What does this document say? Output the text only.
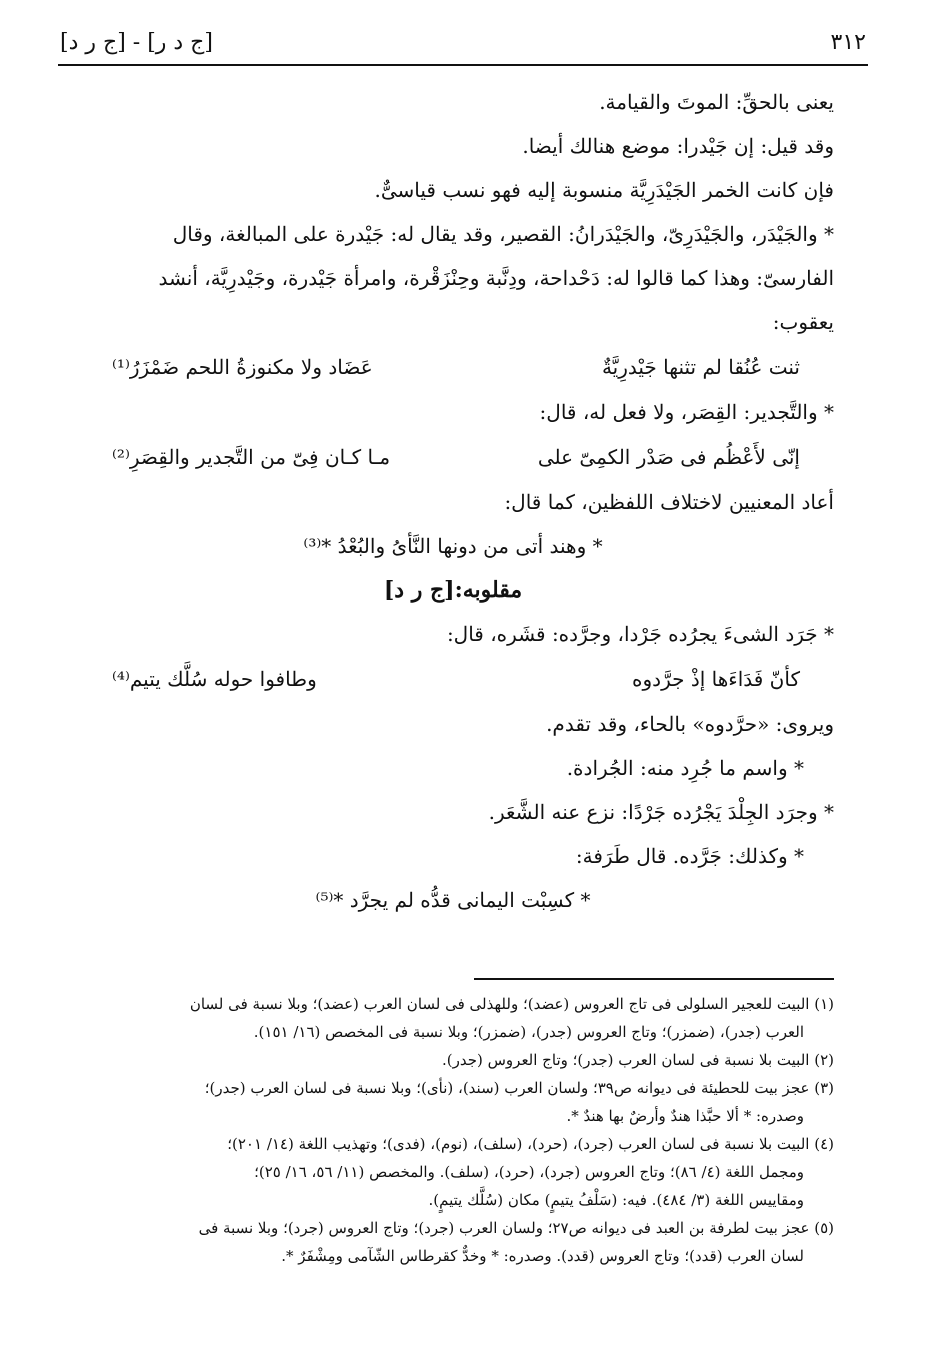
٣١٢
[ج د ر] - [ج ر د]
يعنى بالحقِّ: الموتَ والقيامة.
وقد قيل: إن جَيْدرا: موضع هنالك أيضا.
فإن كانت الخمر الجَيْدَرِيَّة منسوبة إليه فهو نسب قياسىٌّ.
* والجَيْدَر، والجَيْدَرِىّ، والجَيْدَرانُ: القصير، وقد يقال له: جَيْدرة على المبالغة، وقال
الفارسىّ: وهذا كما قالوا له: دَحْداحة، ودِنَّبة وحِنْزَقْرة، وامرأة جَيْدرة، وجَيْدرِيَّة، أنشد
يعقوب:
ثنت عُنُقا لم تثنها جَيْدرِيَّةٌ
عَضَاد ولا مكنوزةُ اللحم ضَمْزَرُ⁽¹⁾
* والتَّجدير: القِصَر، ولا فعل له، قال:
إنّى لأَعْظُم فى صَدْر الكمِىّ على
مـا كـان فِىّ من التَّجدير والقِصَرِ⁽²⁾
أعاد المعنيين لاختلاف اللفظين، كما قال:
* وهند أتى من دونها النَّأىُ والبُعْدُ *⁽³⁾
مقلوبه:[ج ر د]
* جَرَد الشىءَ يجرُده جَرْدا، وجرَّده: قشَره، قال:
كأنّ فَدَاءَها إذْ جرَّدوه
وطافوا حوله سُلَّك يتيم⁽⁴⁾
ويروى: «حرَّدوه» بالحاء، وقد تقدم.
* واسم ما جُرِد منه: الجُرادة.
* وجرَد الجِلْدَ يَجْرُده جَرْدًا: نزع عنه الشَّعَر.
* وكذلك: جَرَّده. قال طَرَفة:
* كسِبْت اليمانى قدُّه لم يجرَّد *⁽⁵⁾
(١) البيت للعجير السلولى فى تاج العروس (عضد)؛ وللهذلى فى لسان العرب (عضد)؛ وبلا نسبة فى لسان
العرب (جدر)، (ضمزر)؛ وتاج العروس (جدر)، (ضمزر)؛ وبلا نسبة فى المخصص (١٦/ ١٥١).
(٢) البيت بلا نسبة فى لسان العرب (جدر)؛ وتاج العروس (جدر).
(٣) عجز بيت للحطيئة فى ديوانه ص٣٩؛ ولسان العرب (سند)، (نأى)؛ وبلا نسبة فى لسان العرب (جدر)؛
وصدره: * ألا حبَّذا هندٌ وأرضٌ بها هندٌ *.
(٤) البيت بلا نسبة فى لسان العرب (جرد)، (حرد)، (سلف)، (نوم)، (فدى)؛ وتهذيب اللغة (١٤/ ٢٠١)؛
ومجمل اللغة (٤/ ٨٦)؛ وتاج العروس (جرد)، (حرد)، (سلف). والمخصص (١١/ ٥٦، ١٦/ ٢٥)؛
ومقاييس اللغة (٣/ ٤٨٤). فيه: (سَلْفُ يتيمٍ) مكان (سُلَّك يتيمٍ).
(٥) عجز بيت لطرفة بن العبد فى ديوانه ص٢٧؛ ولسان العرب (جرد)؛ وتاج العروس (جرد)؛ وبلا نسبة فى
لسان العرب (قدد)؛ وتاج العروس (قدد). وصدره: * وخدٌّ كقرطاس الشّآمى ومِشْفَرٌ *.
